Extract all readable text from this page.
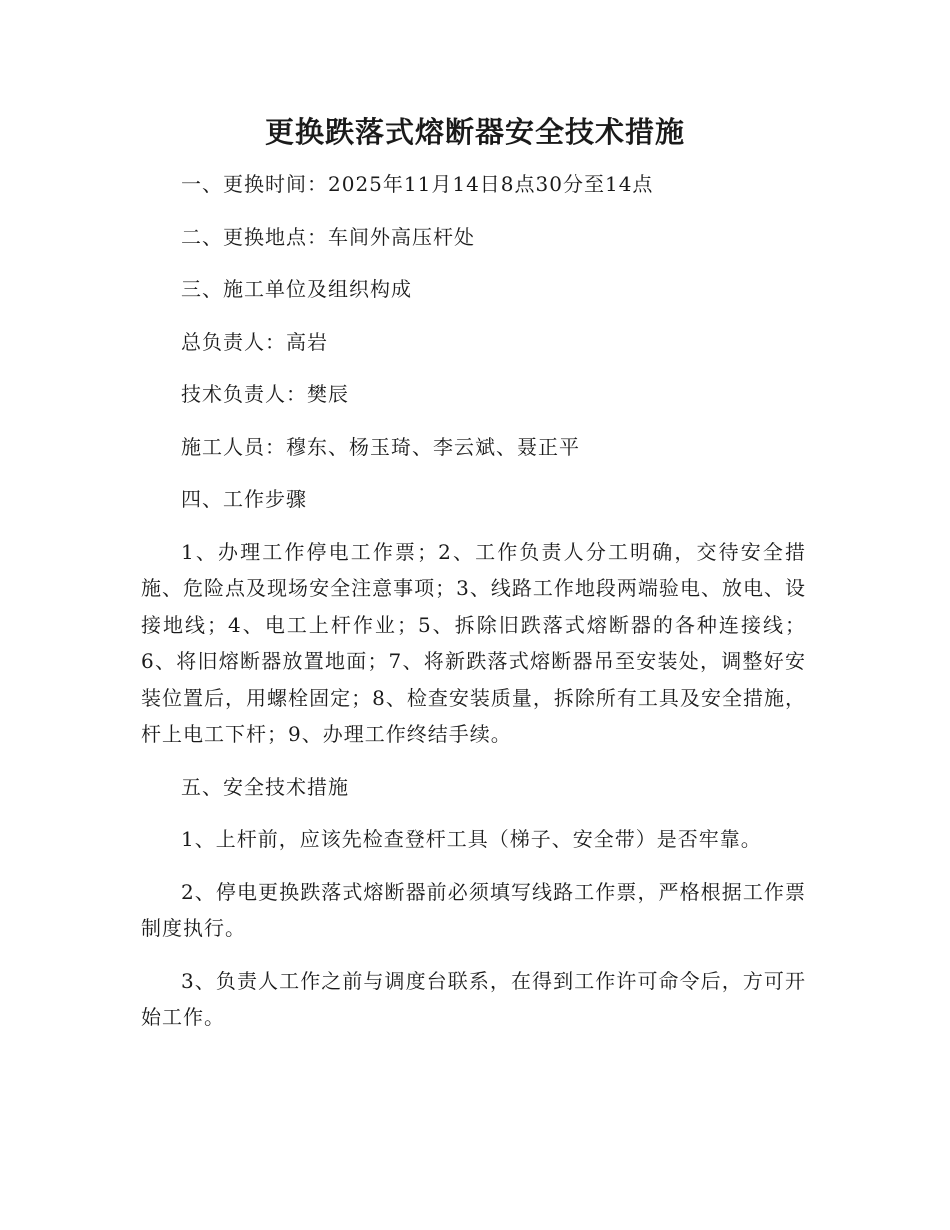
更换跌落式熔断器安全技术措施

一、更换时间：2025年11月14日8点30分至14点

二、更换地点：车间外高压杆处

三、施工单位及组织构成

总负责人：高岩

技术负责人：樊辰

施工人员：穆东、杨玉琦、李云斌、聂正平

四、工作步骤

1、办理工作停电工作票；2、工作负责人分工明确，交待安全措施、危险点及现场安全注意事项；3、线路工作地段两端验电、放电、设接地线；4、电工上杆作业；5、拆除旧跌落式熔断器的各种连接线；6、将旧熔断器放置地面；7、将新跌落式熔断器吊至安装处，调整好安装位置后，用螺栓固定；8、检查安装质量，拆除所有工具及安全措施，杆上电工下杆；9、办理工作终结手续。

五、安全技术措施

1、上杆前，应该先检查登杆工具（梯子、安全带）是否牢靠。

2、停电更换跌落式熔断器前必须填写线路工作票，严格根据工作票制度执行。

3、负责人工作之前与调度台联系，在得到工作许可命令后，方可开始工作。
